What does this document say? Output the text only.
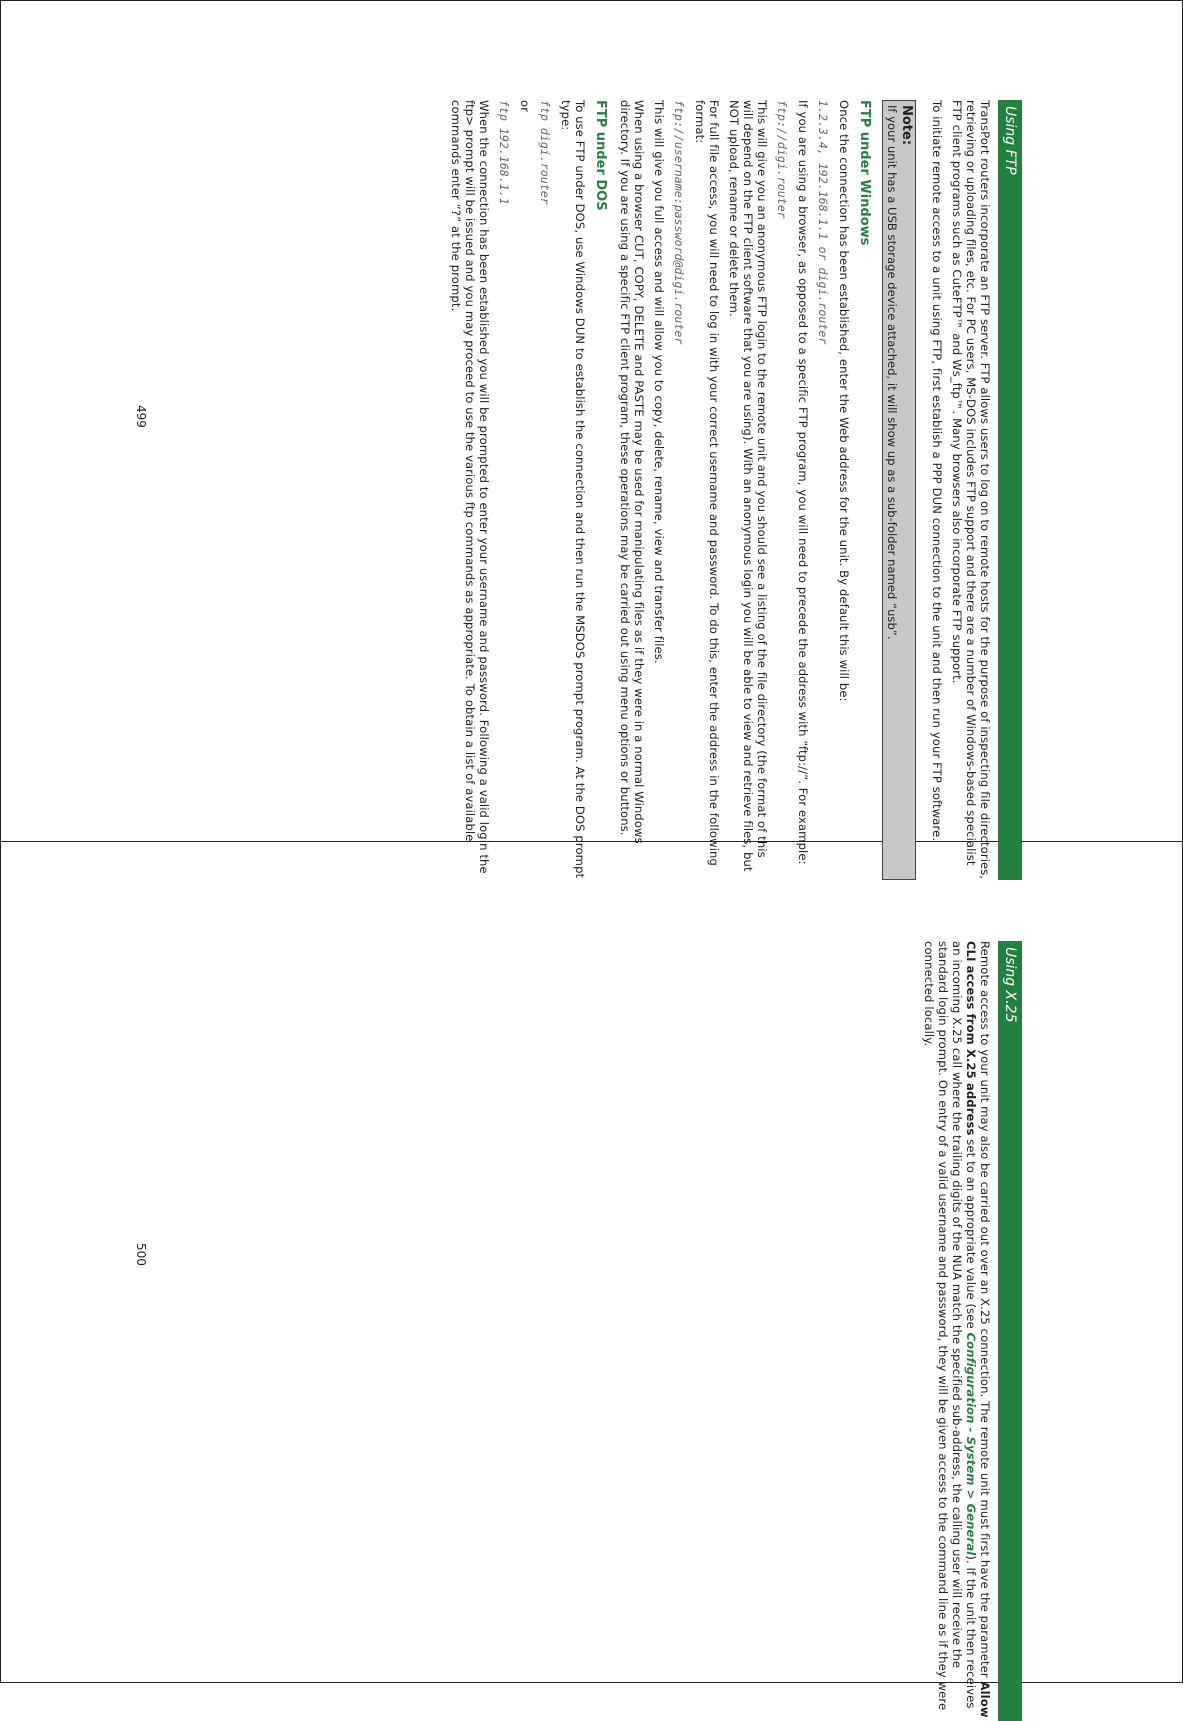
Using FTP

TransPort routers incorporate an FTP server. FTP allows users to log on to remote hosts for the purpose of inspecting file directories, retrieving or uploading files, etc. For PC users, MS-DOS includes FTP support and there are a number of Windows-based specialist FTP client programs such as CuteFTP™ and Ws_ftp™. Many browsers also incorporate FTP support.

To initiate remote access to a unit using FTP, first establish a PPP DUN connection to the unit and then run your FTP software.

Note:
If your unit has a USB storage device attached, it will show up as a sub-folder named “usb”.
FTP under Windows

Once the connection has been established, enter the Web address for the unit. By default this will be:

1.2.3.4, 192.168.1.1 or digi.router

If you are using a browser, as opposed to a specific FTP program, you will need to precede the address with “ftp://”. For example:

ftp://digi.router

This will give you an anonymous FTP login to the remote unit and you should see a listing of the file directory (the format of this will depend on the FTP client software that you are using). With an anonymous login you will be able to view and retrieve files, but NOT upload, rename or delete them.

For full file access, you will need to log in with your correct username and password. To do this, enter the address in the following format:

ftp://username:password@digi.router

This will give you full access and will allow you to copy, delete, rename, view and transfer files.

When using a browser CUT, COPY, DELETE and PASTE may be used for manipulating files as if they were in a normal Windows directory. If you are using a specific FTP client program, these operations may be carried out using menu options or buttons.

FTP under DOS

To use FTP under DOS, use Windows DUN to establish the connection and then run the MSDOS prompt program. At the DOS prompt type:

ftp digi.router

or

ftp 192.168.1.1

When the connection has been established you will be prompted to enter your username and password. Following a valid login the ftp> prompt will be issued and you may proceed to use the various ftp commands as appropriate. To obtain a list of available commands enter “?” at the prompt.

499
Using X.25

Remote access to your unit may also be carried out over an X.25 connection. The remote unit must first have the parameter Allow CLI access from X.25 address set to an appropriate value (see Configuration - System > General). If the unit then receives an incoming X.25 call where the trailing digits of the NUA match the specified sub-address, the calling user will receive the standard login prompt. On entry of a valid username and password, they will be given access to the command line as if they were connected locally.

500
